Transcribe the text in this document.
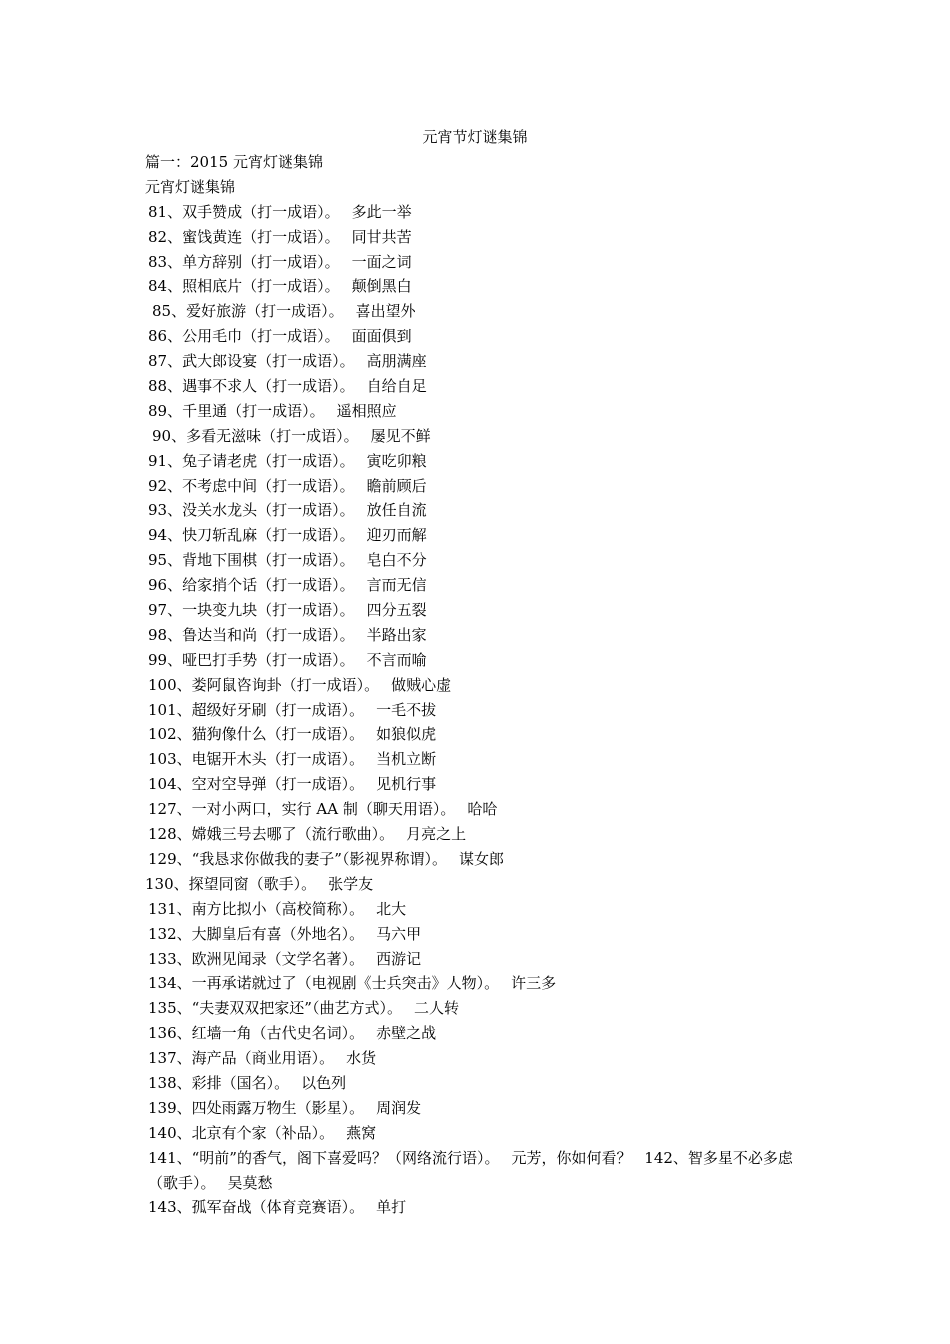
元宵节灯谜集锦
篇一：2015 元宵灯谜集锦
元宵灯谜集锦
81、双手赞成（打一成语）。 多此一举
82、蜜饯黄连（打一成语）。 同甘共苦
83、单方辞别（打一成语）。 一面之词
84、照相底片（打一成语）。 颠倒黑白
85、爱好旅游（打一成语）。 喜出望外
86、公用毛巾（打一成语）。 面面俱到
87、武大郎设宴（打一成语）。 高朋满座
88、遇事不求人（打一成语）。 自给自足
89、千里通（打一成语）。 遥相照应
90、多看无滋味（打一成语）。 屡见不鲜
91、兔子请老虎（打一成语）。 寅吃卯粮
92、不考虑中间（打一成语）。 瞻前顾后
93、没关水龙头（打一成语）。 放任自流
94、快刀斩乱麻（打一成语）。 迎刃而解
95、背地下围棋（打一成语）。 皂白不分
96、给家捎个话（打一成语）。 言而无信
97、一块变九块（打一成语）。 四分五裂
98、鲁达当和尚（打一成语）。 半路出家
99、哑巴打手势（打一成语）。 不言而喻
100、娄阿鼠咨询卦（打一成语）。 做贼心虚
101、超级好牙刷（打一成语）。 一毛不拔
102、猫狗像什么（打一成语）。 如狼似虎
103、电锯开木头（打一成语）。 当机立断
104、空对空导弹（打一成语）。 见机行事
127、一对小两口，实行 AA 制（聊天用语）。 哈哈
128、嫦娥三号去哪了（流行歌曲）。 月亮之上
129、“我恳求你做我的妻子”（影视界称谓）。 谋女郎
130、探望同窗（歌手）。 张学友
131、南方比拟小（高校简称）。 北大
132、大脚皇后有喜（外地名）。 马六甲
133、欧洲见闻录（文学名著）。 西游记
134、一再承诺就过了（电视剧《士兵突击》人物）。 许三多
135、“夫妻双双把家还”（曲艺方式）。 二人转
136、红墙一角（古代史名词）。 赤壁之战
137、海产品（商业用语）。 水货
138、彩排（国名）。 以色列
139、四处雨露万物生（影星）。 周润发
140、北京有个家（补品）。 燕窝
141、“明前”的香气，阁下喜爱吗？（网络流行语）。 元芳，你如何看？ 142、智多星不必多虑（歌手）。 吴莫愁
143、孤军奋战（体育竞赛语）。 单打
